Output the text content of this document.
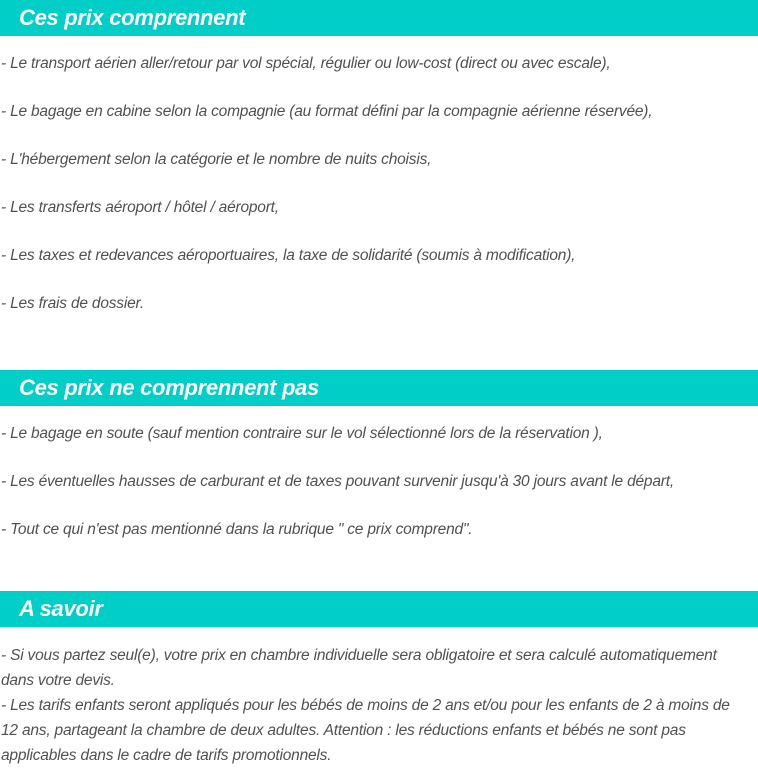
Ces prix comprennent

- Le transport aérien aller/retour par vol spécial, régulier ou low-cost (direct ou avec escale),

- Le bagage en cabine selon la compagnie (au format défini par la compagnie aérienne réservée),

- L'hébergement selon la catégorie et le nombre de nuits choisis,

- Les transferts aéroport / hôtel / aéroport,

- Les taxes et redevances aéroportuaires, la taxe de solidarité (soumis à modification),

- Les frais de dossier.

Ces prix ne comprennent pas

- Le bagage en soute (sauf mention contraire sur le vol sélectionné lors de la réservation ),

- Les éventuelles hausses de carburant et de taxes pouvant survenir jusqu'à 30 jours avant le départ,

- Tout ce qui n'est pas mentionné dans la rubrique " ce prix comprend".

A savoir

- Si vous partez seul(e), votre prix en chambre individuelle sera obligatoire et sera calculé automatiquement dans votre devis.

- Les tarifs enfants seront appliqués pour les bébés de moins de 2 ans et/ou pour les enfants de 2 à moins de 12 ans, partageant la chambre de deux adultes. Attention : les réductions enfants et bébés ne sont pas applicables dans le cadre de tarifs promotionnels.
